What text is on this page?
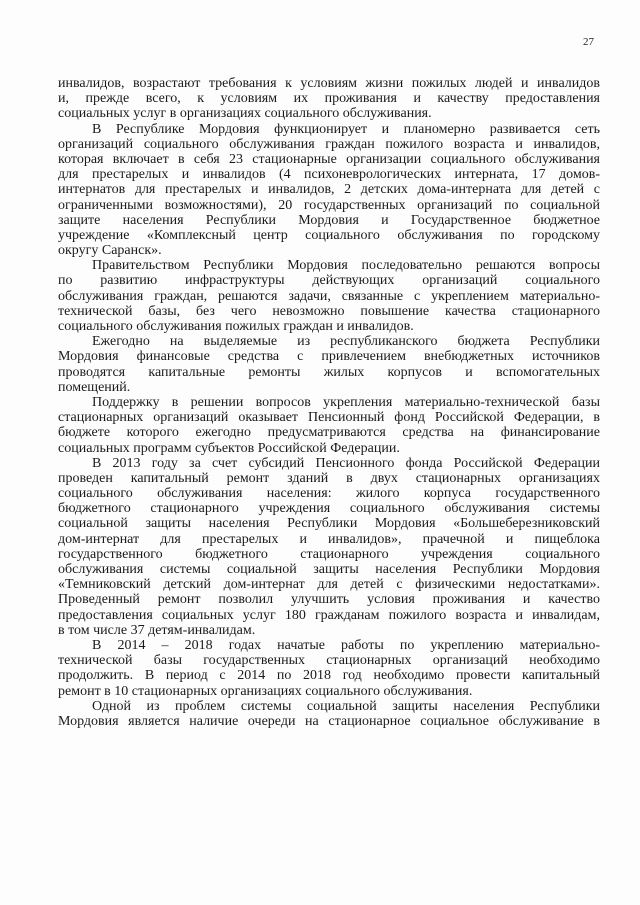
27
инвалидов, возрастают требования к условиям жизни пожилых людей и инвалидов
и, прежде всего, к условиям их проживания и качеству предоставления
социальных услуг в организациях социального обслуживания.
В Республике Мордовия функционирует и планомерно развивается сеть
организаций социального обслуживания граждан пожилого возраста и инвалидов,
которая включает в себя 23 стационарные организации социального обслуживания
для престарелых и инвалидов (4 психоневрологических интерната, 17 домов-
интернатов для престарелых и инвалидов, 2 детских дома-интерната для детей с
ограниченными возможностями), 20 государственных организаций по социальной
защите населения Республики Мордовия и Государственное бюджетное
учреждение «Комплексный центр социального обслуживания по городскому
округу Саранск».
Правительством Республики Мордовия последовательно решаются вопросы
по развитию инфраструктуры действующих организаций социального
обслуживания граждан, решаются задачи, связанные с укреплением материально-
технической базы, без чего невозможно повышение качества стационарного
социального обслуживания пожилых граждан и инвалидов.
Ежегодно на выделяемые из республиканского бюджета Республики
Мордовия финансовые средства с привлечением внебюджетных источников
проводятся капитальные ремонты жилых корпусов и вспомогательных
помещений.
Поддержку в решении вопросов укрепления материально-технической базы
стационарных организаций оказывает Пенсионный фонд Российской Федерации, в
бюджете которого ежегодно предусматриваются средства на финансирование
социальных программ субъектов Российской Федерации.
В 2013 году за счет субсидий Пенсионного фонда Российской Федерации
проведен капитальный ремонт зданий в двух стационарных организациях
социального обслуживания населения: жилого корпуса государственного
бюджетного стационарного учреждения социального обслуживания системы
социальной защиты населения Республики Мордовия «Большеберезниковский
дом-интернат для престарелых и инвалидов», прачечной и пищеблока
государственного бюджетного стационарного учреждения социального
обслуживания системы социальной защиты населения Республики Мордовия
«Темниковский детский дом-интернат для детей с физическими недостатками».
Проведенный ремонт позволил улучшить условия проживания и качество
предоставления социальных услуг 180 гражданам пожилого возраста и инвалидам,
в том числе 37 детям-инвалидам.
В 2014 – 2018 годах начатые работы по укреплению материально-
технической базы государственных стационарных организаций необходимо
продолжить. В период с 2014 по 2018 год необходимо провести капитальный
ремонт в 10 стационарных организациях социального обслуживания.
Одной из проблем системы социальной защиты населения Республики
Мордовия является наличие очереди на стационарное социальное обслуживание в
